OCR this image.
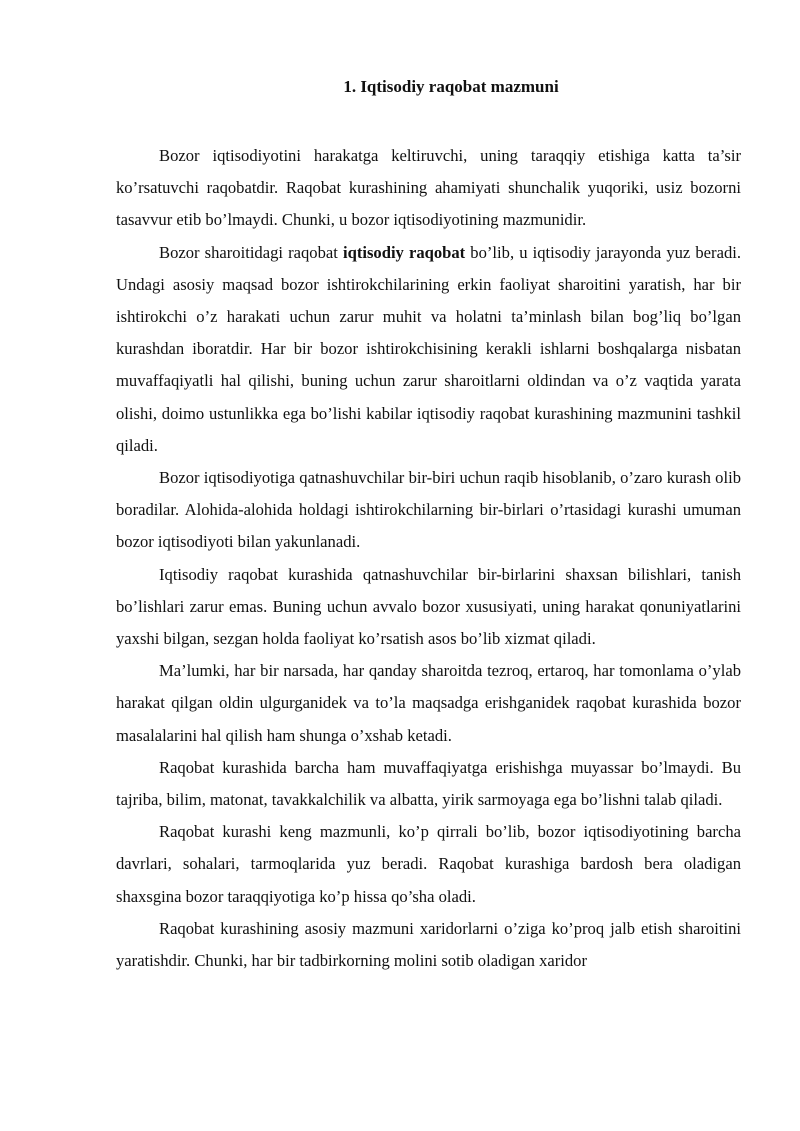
1. Iqtisodiy raqobat mazmuni

Bozor iqtisodiyotini harakatga keltiruvchi, uning taraqqiy etishiga katta ta’sir ko’rsatuvchi raqobatdir. Raqobat kurashining ahamiyati shunchalik yuqoriki, usiz bozorni tasavvur etib bo’lmaydi. Chunki, u bozor iqtisodiyotining mazmunidir.

Bozor sharoitidagi raqobat iqtisodiy raqobat bo’lib, u iqtisodiy jarayonda yuz beradi. Undagi asosiy maqsad bozor ishtirokchilarining erkin faoliyat sharoitini yaratish, har bir ishtirokchi o’z harakati uchun zarur muhit va holatni ta’minlash bilan bog’liq bo’lgan kurashdan iboratdir. Har bir bozor ishtirokchisining kerakli ishlarni boshqalarga nisbatan muvaffaqiyatli hal qilishi, buning uchun zarur sharoitlarni oldindan va o’z vaqtida yarata olishi, doimo ustunlikka ega bo’lishi kabilar iqtisodiy raqobat kurashining mazmunini tashkil qiladi.

Bozor iqtisodiyotiga qatnashuvchilar bir-biri uchun raqib hisoblanib, o’zaro kurash olib boradilar. Alohida-alohida holdagi ishtirokchilarning bir-birlari o’rtasidagi kurashi umuman bozor iqtisodiyoti bilan yakunlanadi.

Iqtisodiy raqobat kurashida qatnashuvchilar bir-birlarini shaxsan bilishlari, tanish bo’lishlari zarur emas. Buning uchun avvalo bozor xususiyati, uning harakat qonuniyatlarini yaxshi bilgan, sezgan holda faoliyat ko’rsatish asos bo’lib xizmat qiladi.

Ma’lumki, har bir narsada, har qanday sharoitda tezroq, ertaroq, har tomonlama o’ylab harakat qilgan oldin ulgurganidek va to’la maqsadga erishganidek raqobat kurashida bozor masalalarini hal qilish ham shunga o’xshab ketadi.

Raqobat kurashida barcha ham muvaffaqiyatga erishishga muyassar bo’lmaydi. Bu tajriba, bilim, matonat, tavakkalchilik va albatta, yirik sarmoyaga ega bo’lishni talab qiladi.

Raqobat kurashi keng mazmunli, ko’p qirrali bo’lib, bozor iqtisodiyotining barcha davrlari, sohalari, tarmoqlarida yuz beradi. Raqobat kurashiga bardosh bera oladigan shaxsgina bozor taraqqiyotiga ko’p hissa qo’sha oladi.

Raqobat kurashining asosiy mazmuni xaridorlarni o’ziga ko’proq jalb etish sharoitini yaratishdir. Chunki, har bir tadbirkorning molini sotib oladigan xaridor
